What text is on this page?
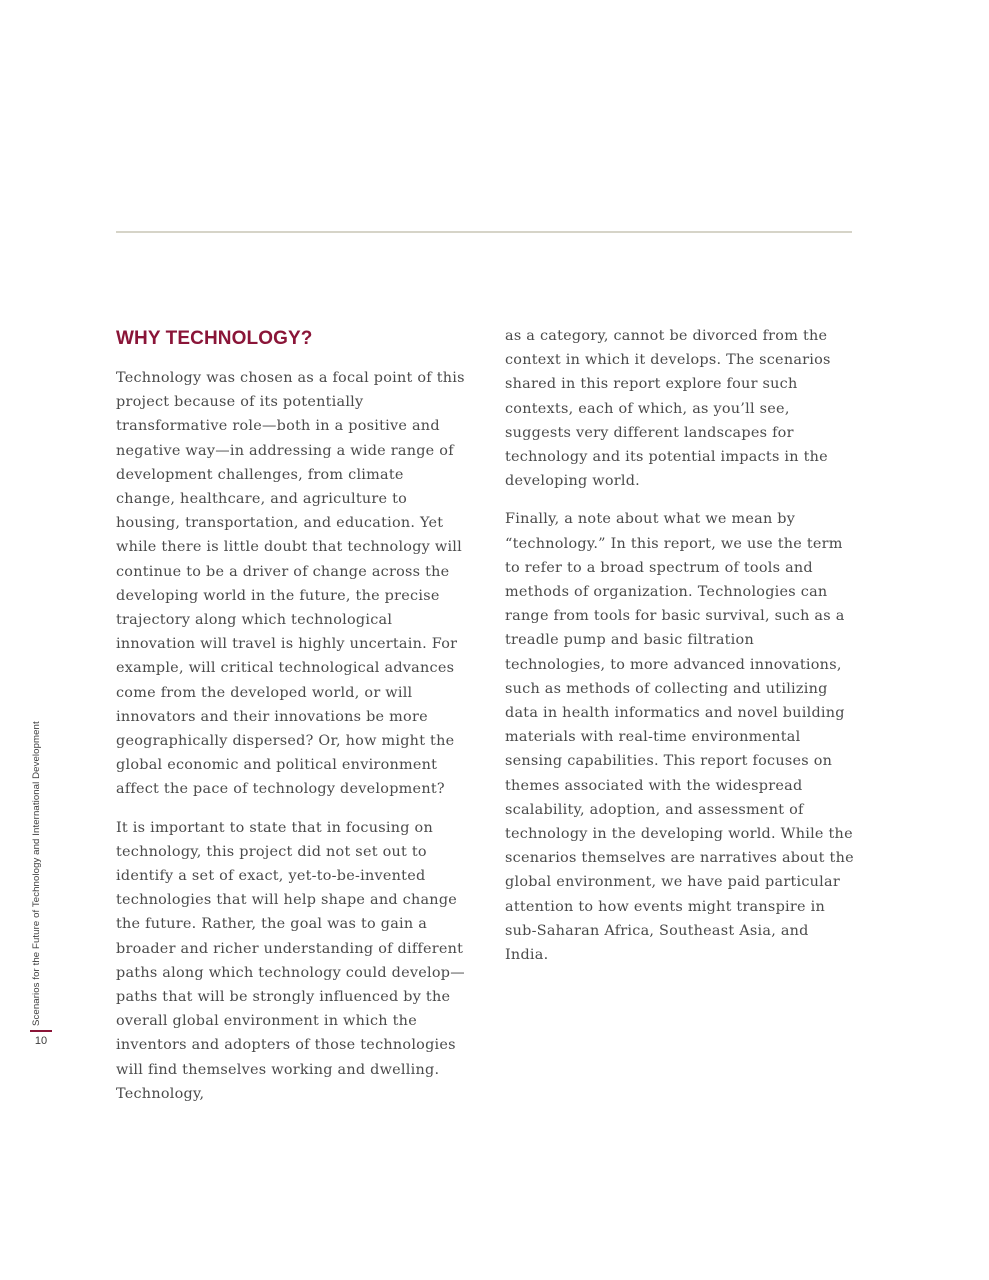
WHY TECHNOLOGY?

Technology was chosen as a focal point of this project because of its potentially transformative role—both in a positive and negative way—in addressing a wide range of development challenges, from climate change, healthcare, and agriculture to housing, transportation, and education. Yet while there is little doubt that technology will continue to be a driver of change across the developing world in the future, the precise trajectory along which technological innovation will travel is highly uncertain. For example, will critical technological advances come from the developed world, or will innovators and their innovations be more geographically dispersed? Or, how might the global economic and political environment affect the pace of technology development?

It is important to state that in focusing on technology, this project did not set out to identify a set of exact, yet-to-be-invented technologies that will help shape and change the future. Rather, the goal was to gain a broader and richer understanding of different paths along which technology could develop—paths that will be strongly influenced by the overall global environment in which the inventors and adopters of those technologies will find themselves working and dwelling. Technology,

as a category, cannot be divorced from the context in which it develops. The scenarios shared in this report explore four such contexts, each of which, as you’ll see, suggests very different landscapes for technology and its potential impacts in the developing world.

Finally, a note about what we mean by “technology.” In this report, we use the term to refer to a broad spectrum of tools and methods of organization. Technologies can range from tools for basic survival, such as a treadle pump and basic filtration technologies, to more advanced innovations, such as methods of collecting and utilizing data in health informatics and novel building materials with real-time environmental sensing capabilities. This report focuses on themes associated with the widespread scalability, adoption, and assessment of technology in the developing world. While the scenarios themselves are narratives about the global environment, we have paid particular attention to how events might transpire in sub-Saharan Africa, Southeast Asia, and India.

Scenarios for the Future of Technology and International Development
10
